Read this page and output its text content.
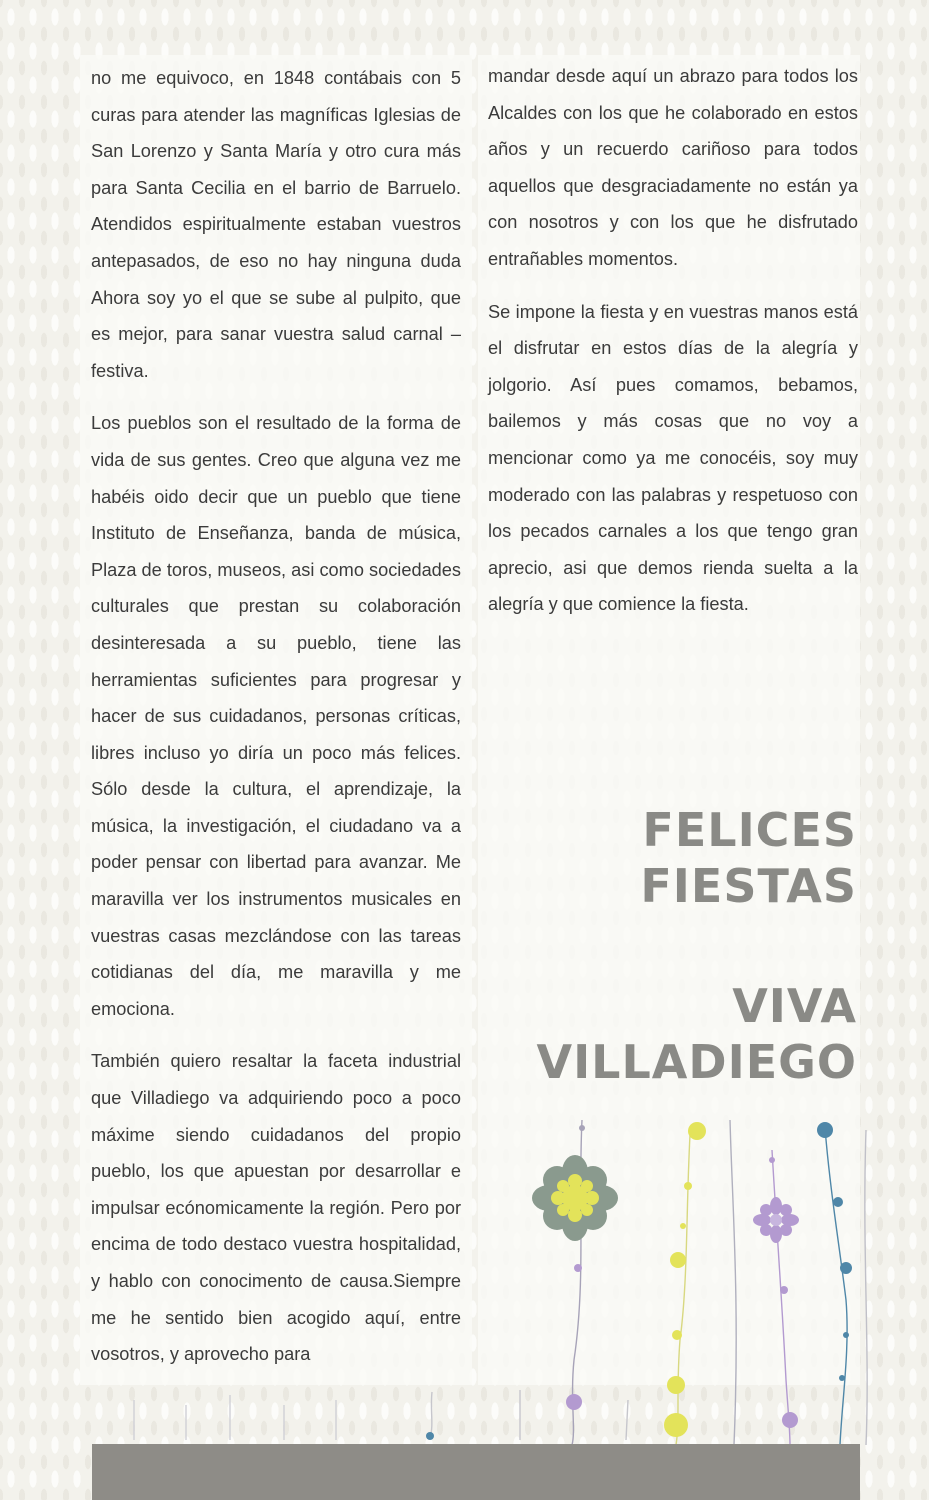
no me equivoco, en 1848 contábais con 5 curas para atender las magníficas Iglesias de San Lorenzo y Santa María y otro cura más para Santa Cecilia en el barrio de Barruelo. Atendidos espiritualmente estaban vuestros antepasados, de eso no hay ninguna duda Ahora soy yo el que se sube al pulpito, que es mejor, para sanar vuestra salud carnal –festiva.

Los pueblos son el resultado de la forma de vida de sus gentes. Creo que alguna vez me habéis oido decir que un pueblo que tiene Instituto de Enseñanza, banda de música, Plaza de toros, museos, asi como sociedades culturales que prestan su colaboración desinteresada a su pueblo, tiene las herramientas suficientes para progresar y hacer de sus cuidadanos, personas críticas, libres incluso yo diría un poco más felices. Sólo desde la cultura, el aprendizaje, la música, la investigación, el ciudadano va a poder pensar con libertad para avanzar. Me maravilla ver los instrumentos musicales en vuestras casas mezclándose con las tareas cotidianas del día, me maravilla y me emociona.

También quiero resaltar la faceta industrial que Villadiego va adquiriendo poco a poco máxime siendo cuidadanos del propio pueblo, los que apuestan por desarrollar e impulsar ecónomicamente la región. Pero por encima de todo destaco vuestra hospitalidad, y hablo con conocimento de causa.Siempre me he sentido bien acogido aquí, entre vosotros, y aprovecho para

mandar desde aquí un abrazo para todos los Alcaldes con los que he colaborado en estos años y un recuerdo cariñoso para todos aquellos que desgraciadamente no están ya con nosotros y con los que he disfrutado entrañables momentos.

Se impone la fiesta y en vuestras manos está el disfrutar en estos días de la alegría y jolgorio. Así pues comamos, bebamos, bailemos y más cosas que no voy a mencionar como ya me conocéis, soy muy moderado con las palabras y respetuoso con los pecados carnales a los que tengo gran aprecio, asi que demos rienda suelta a la alegría y que comience la fiesta.

FELICES
FIESTAS
VIVA
VILLADIEGO
